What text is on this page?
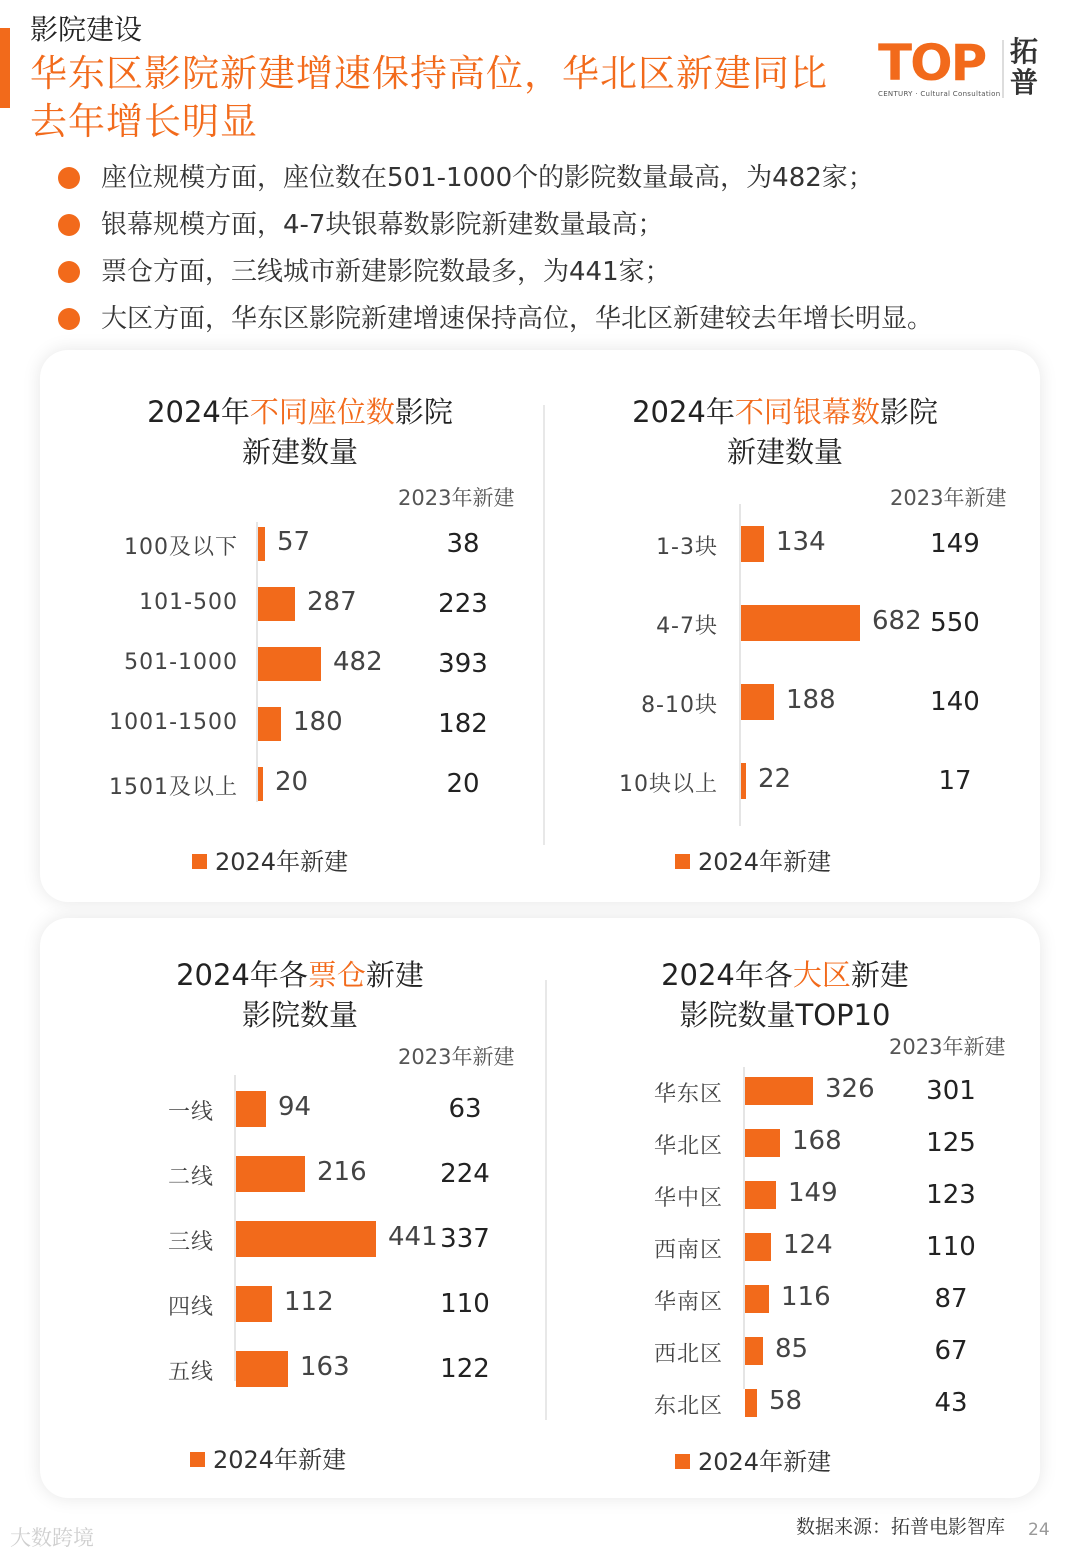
影院建设
华东区影院新建增速保持高位，华北区新建同比去年增长明显
TOP
CENTURY · Cultural Consultation
拓普
座位规模方面，座位数在501-1000个的影院数量最高，为482家；
银幕规模方面，4-7块银幕数影院新建数量最高；
票仓方面，三线城市新建影院数最多，为441家；
大区方面，华东区影院新建增速保持高位，华北区新建较去年增长明显。
2024年不同座位数影院
新建数量
2023年新建
100及以下 57	38
101-500	287	223
501-1000	482	393
1001-1500 180	182
1501及以上 20	20
2024年新建
2024年不同银幕数影院
新建数量
2023年新建
1-3块 134	149
4-7块	682 550
8-10块	188	140
10块以上 22	17
2024年新建
2024年各票仓新建
影院数量
2023年新建
一线 94	63
二线	216	224
三线	441 337
四线	112	110
五线	163	122
2024年新建
2024年各大区新建
影院数量TOP10
2023年新建
华东区	326	301
华北区	168	125
华中区	149	123
西南区 124	110
华南区 116	87
西北区 85	67
东北区 58	43
2024年新建
数据来源：拓普电影智库 24
大数跨境
